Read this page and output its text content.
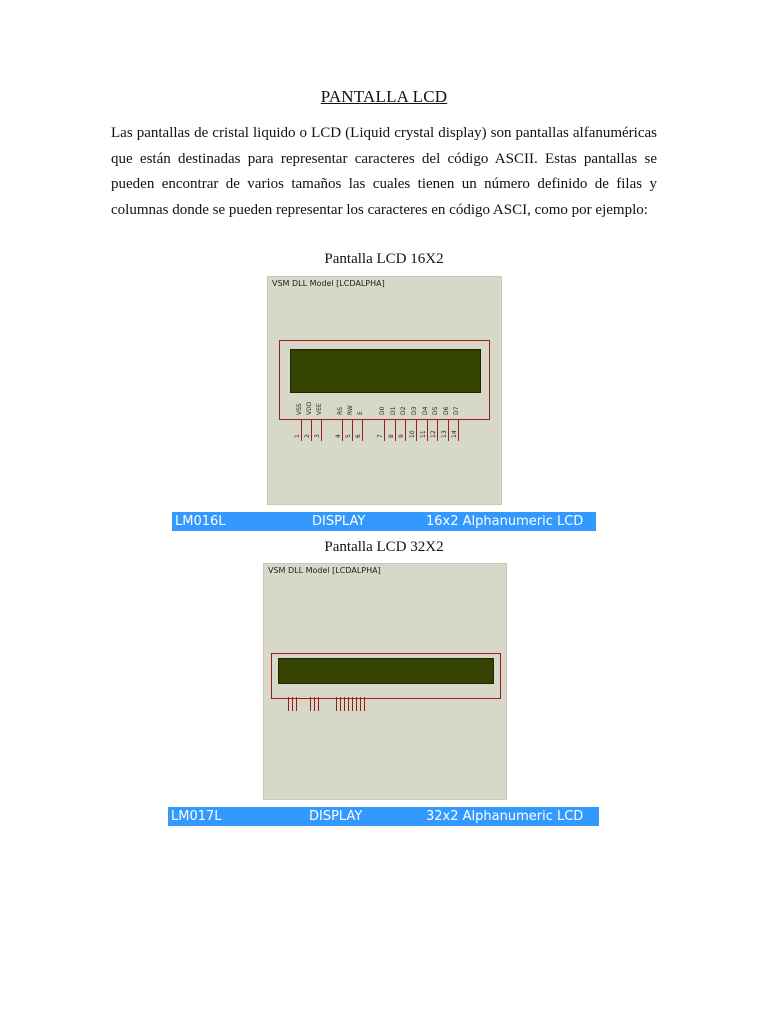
PANTALLA LCD
Las pantallas de cristal liquido o LCD (Liquid crystal display) son pantallas alfanuméricas que están destinadas para representar caracteres del código ASCII. Estas pantallas se pueden encontrar de varios tamaños las cuales tienen un número definido de filas y columnas donde se pueden representar los caracteres en código ASCI, como por ejemplo:
Pantalla LCD 16X2
VSM DLL Model [LCDALPHA]
VSS
1
VDD
2
VEE
3
RS
4
RW
5
E
6
D0
7
D1
8
D2
9
D3
10
D4
11
D5
12
D6
13
D7
14
LM016L	DISPLAY	16x2 Alphanumeric LCD
Pantalla LCD 32X2
VSM DLL Model [LCDALPHA]
LM017L	DISPLAY	32x2 Alphanumeric LCD
